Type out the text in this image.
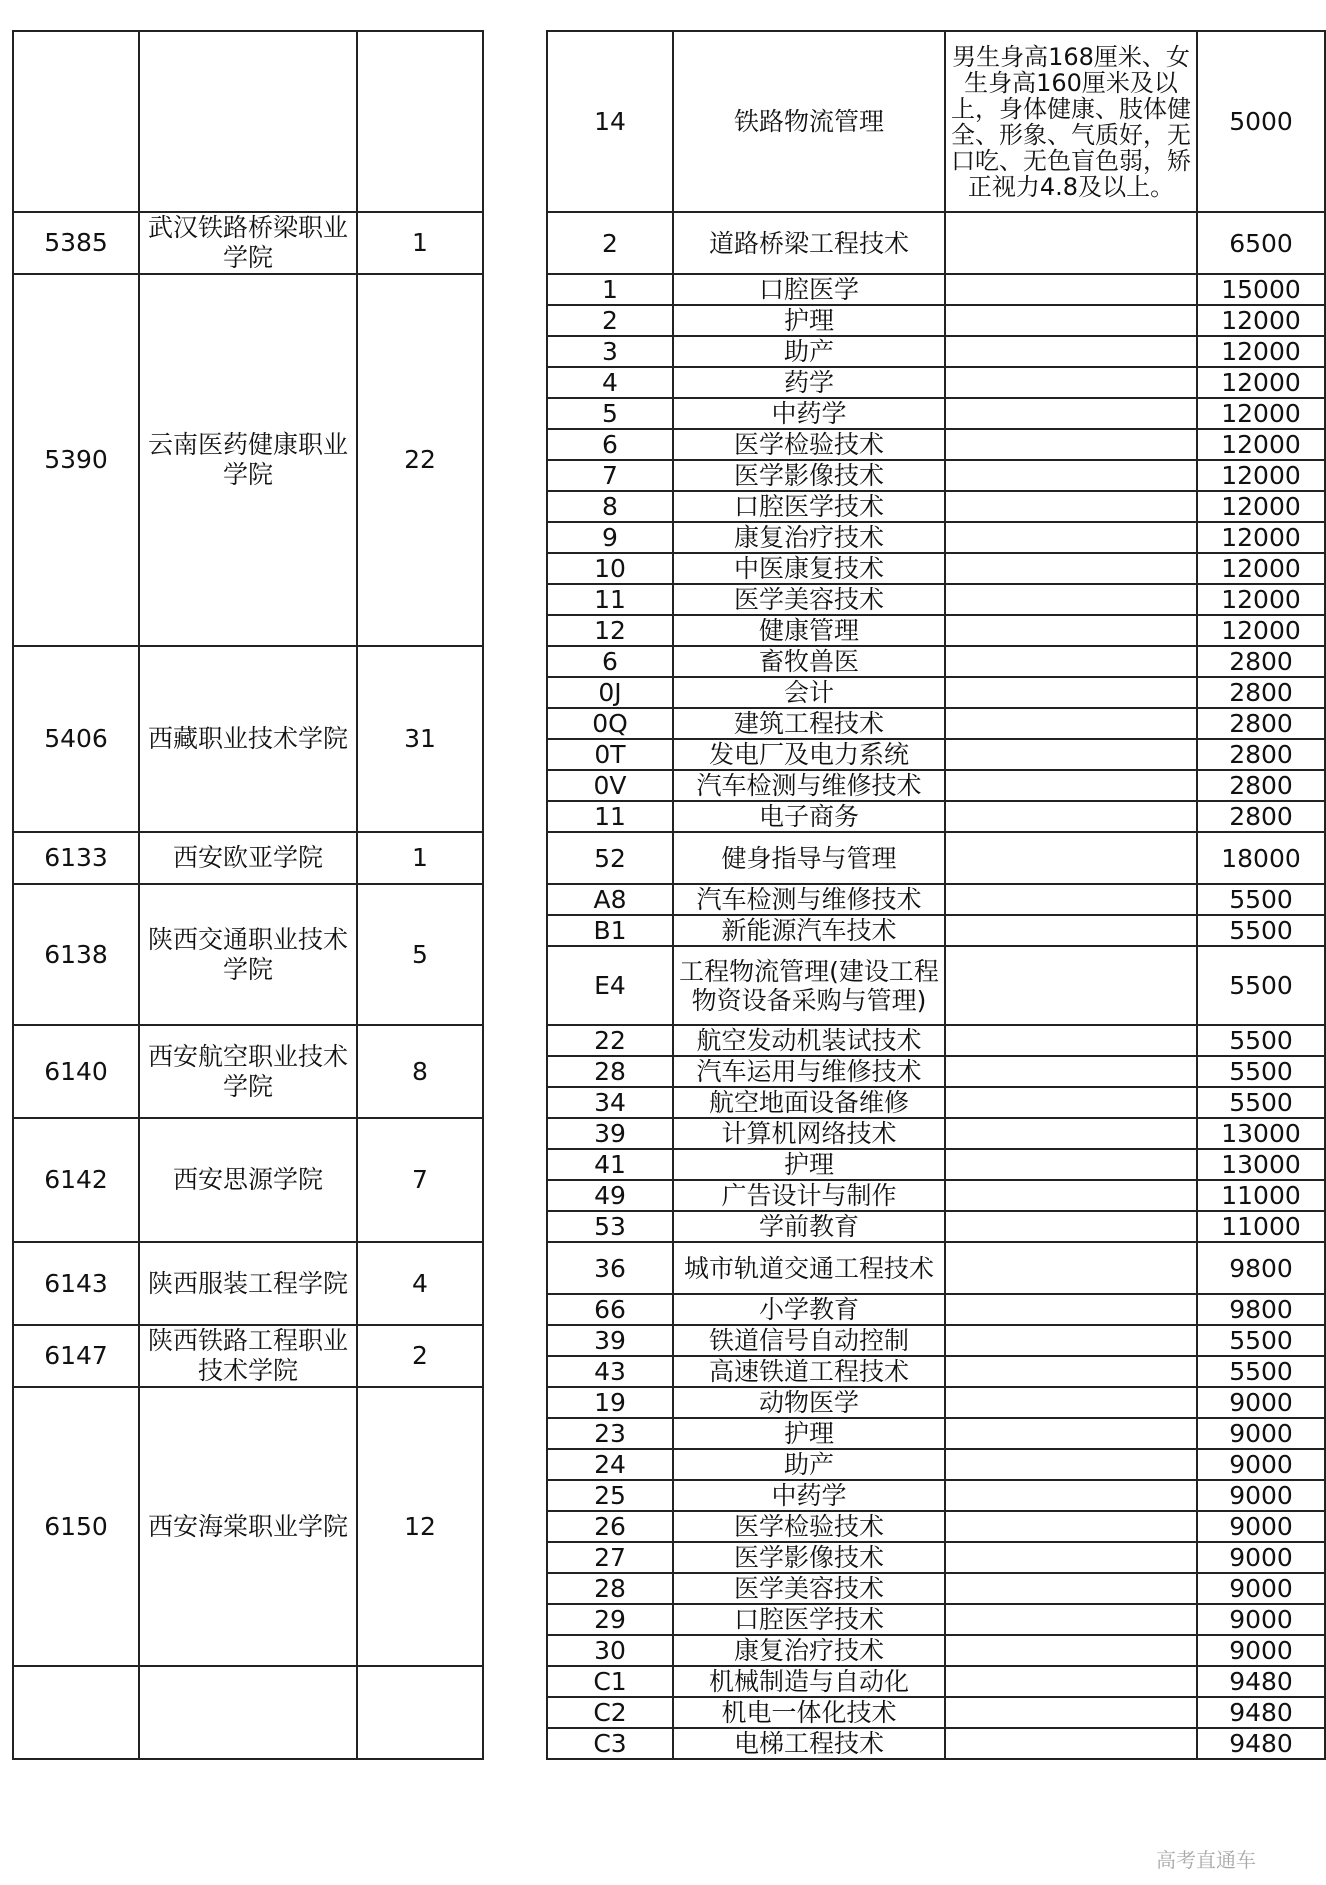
				14	铁路物流管理	男生身高168厘米、女生身高160厘米及以上，身体健康、肢体健全、形象、气质好，无口吃、无色盲色弱，矫正视力4.8及以上。	5000
5385	武汉铁路桥梁职业学院	1		2	道路桥梁工程技术		6500
5390	云南医药健康职业学院	22		1	口腔医学		15000
				2	护理		12000
				3	助产		12000
				4	药学		12000
				5	中药学		12000
				6	医学检验技术		12000
				7	医学影像技术		12000
				8	口腔医学技术		12000
				9	康复治疗技术		12000
				10	中医康复技术		12000
				11	医学美容技术		12000
				12	健康管理		12000
5406	西藏职业技术学院	31		6	畜牧兽医		2800
				0J	会计		2800
				0Q	建筑工程技术		2800
				0T	发电厂及电力系统		2800
				0V	汽车检测与维修技术		2800
				11	电子商务		2800
6133	西安欧亚学院	1		52	健身指导与管理		18000
6138	陕西交通职业技术学院	5		A8	汽车检测与维修技术		5500
				B1	新能源汽车技术		5500
				E4	工程物流管理(建设工程物资设备采购与管理)		5500
6140	西安航空职业技术学院	8		22	航空发动机装试技术		5500
				28	汽车运用与维修技术		5500
				34	航空地面设备维修		5500
6142	西安思源学院	7		39	计算机网络技术		13000
				41	护理		13000
				49	广告设计与制作		11000
				53	学前教育		11000
6143	陕西服装工程学院	4		36	城市轨道交通工程技术		9800
				66	小学教育		9800
6147	陕西铁路工程职业技术学院	2		39	铁道信号自动控制		5500
				43	高速铁道工程技术		5500
6150	西安海棠职业学院	12		19	动物医学		9000
				23	护理		9000
				24	助产		9000
				25	中药学		9000
				26	医学检验技术		9000
				27	医学影像技术		9000
				28	医学美容技术		9000
				29	口腔医学技术		9000
				30	康复治疗技术		9000
				C1	机械制造与自动化		9480
				C2	机电一体化技术		9480
				C3	电梯工程技术		9480
高考直通车
